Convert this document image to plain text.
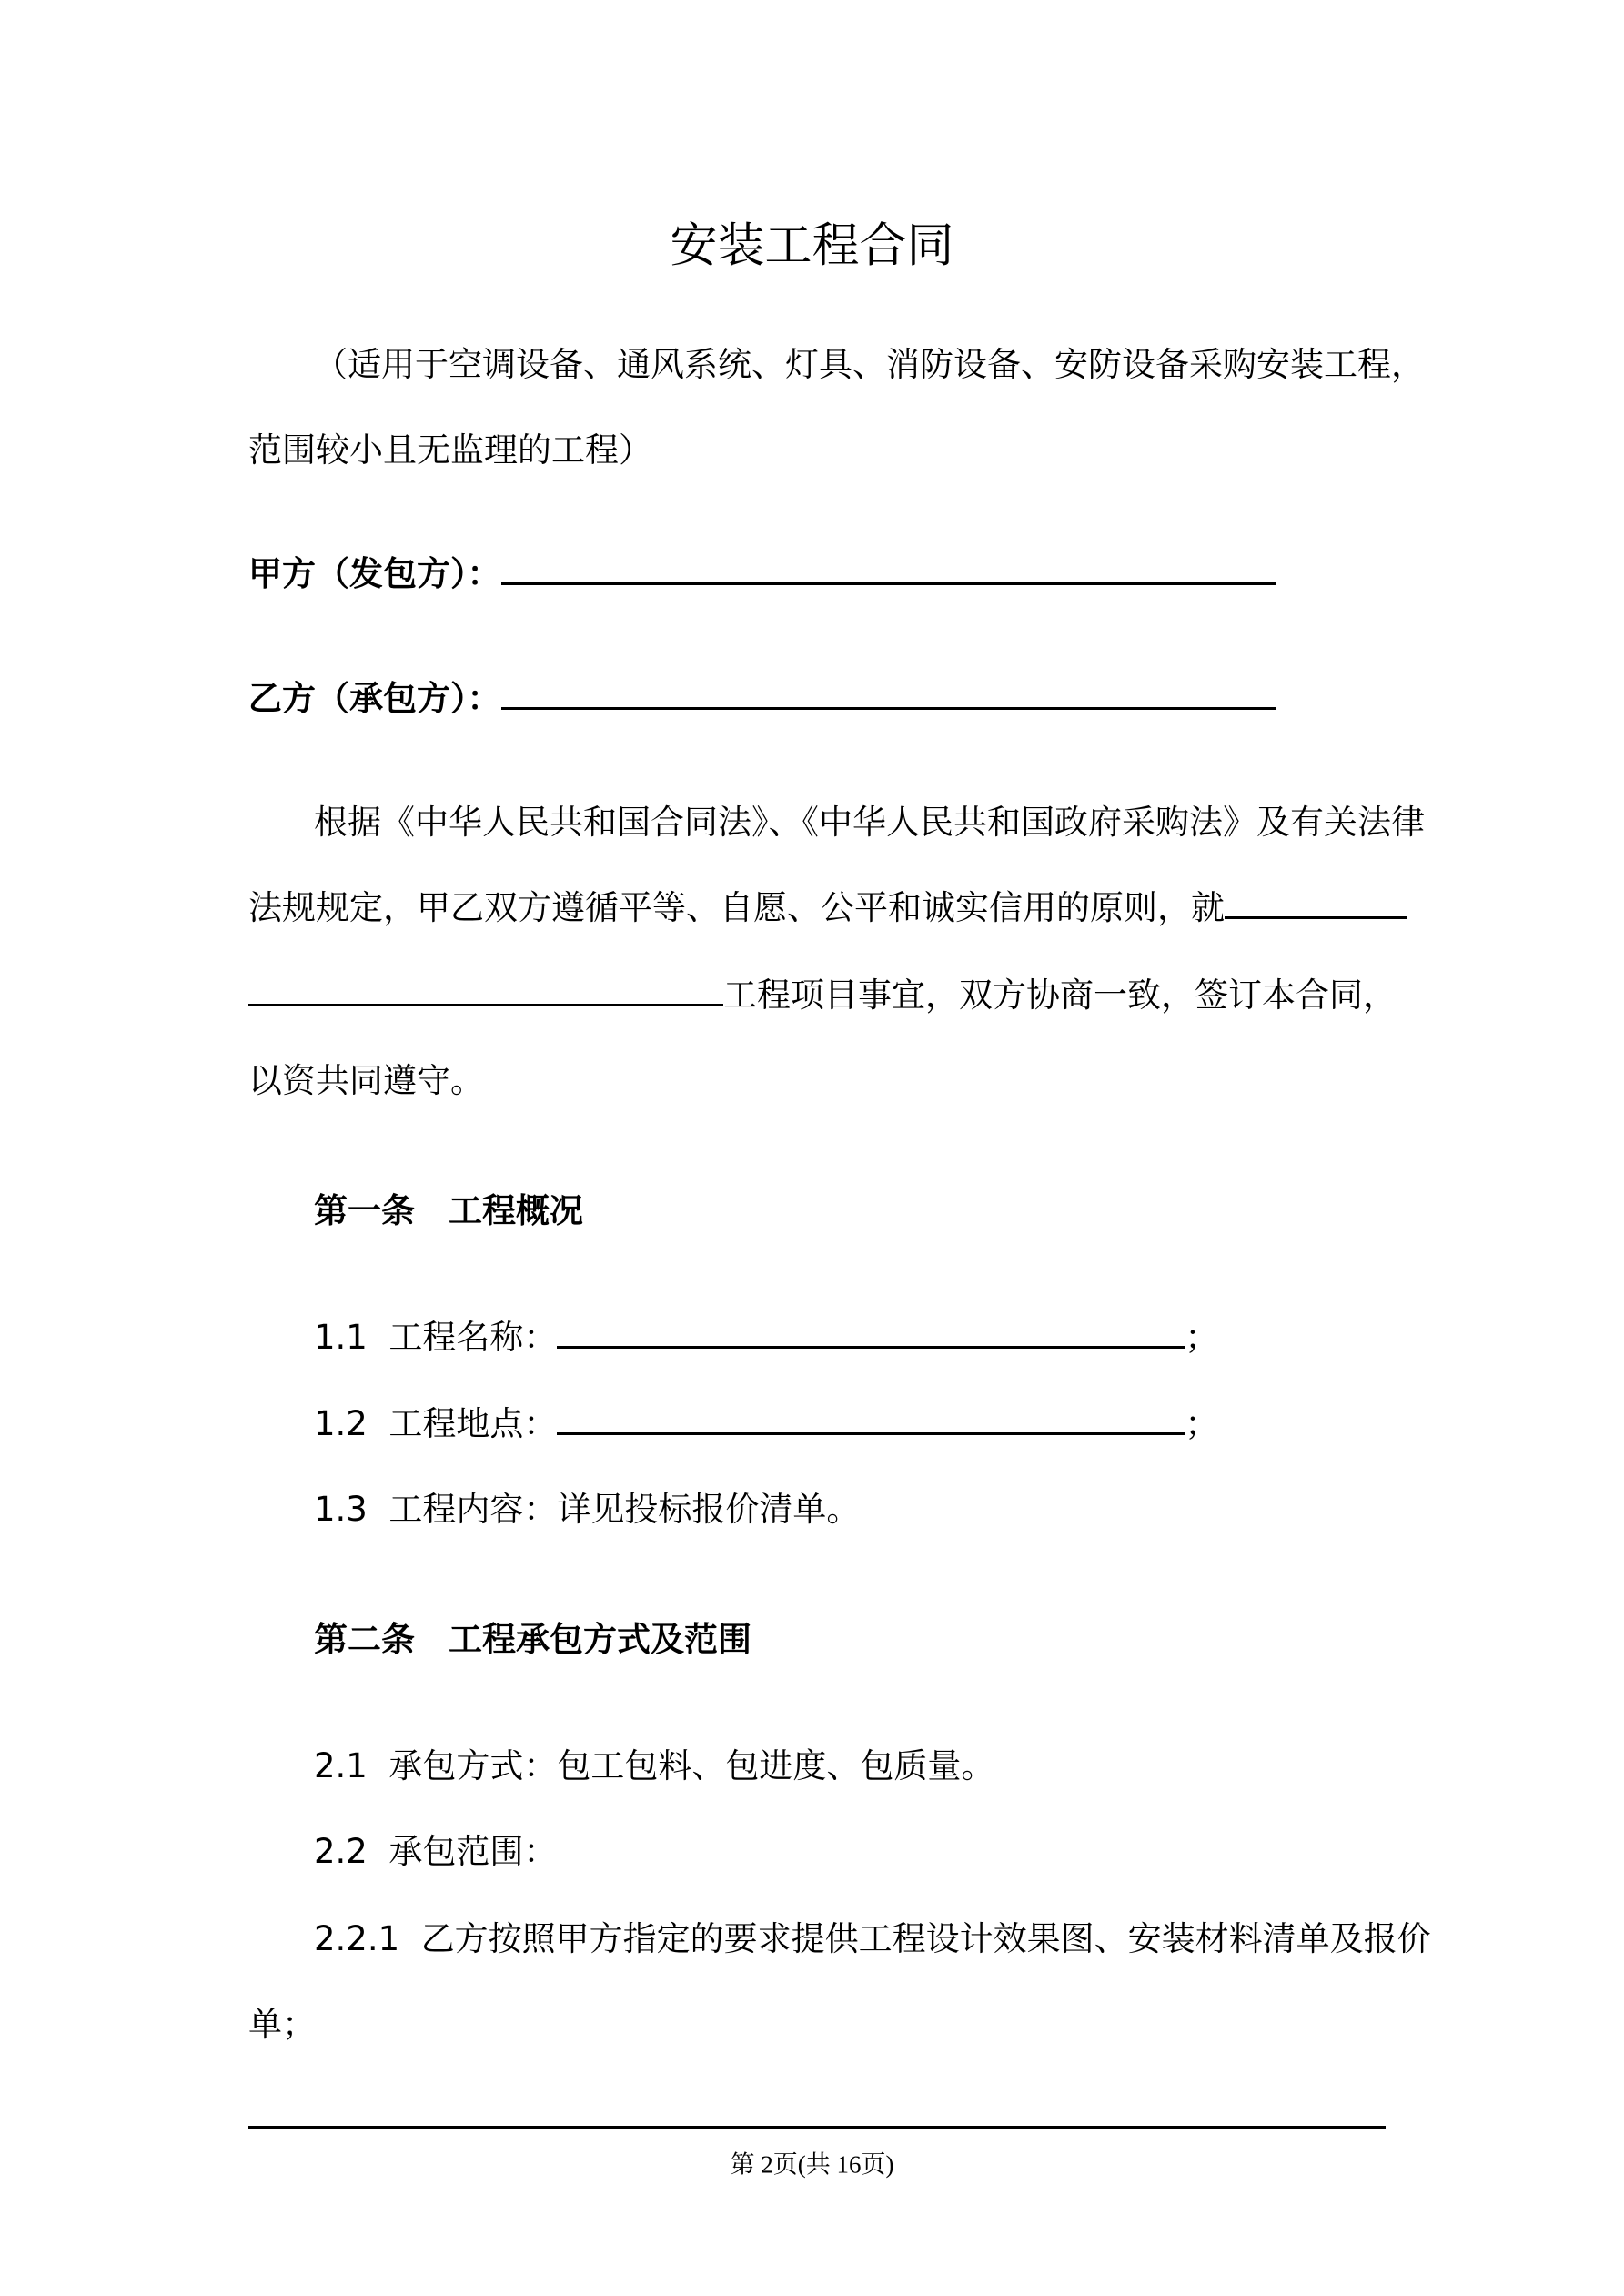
安装工程合同
（适用于空调设备、通风系统、灯具、消防设备、安防设备采购安装工程，
范围较小且无监理的工程）
甲方（发包方）：
乙方（承包方）：
根据《中华人民共和国合同法》、《中华人民共和国政府采购法》及有关法律
法规规定，甲乙双方遵循平等、自愿、公平和诚实信用的原则，就
工程项目事宜，双方协商一致，签订本合同，
以资共同遵守。
第一条　工程概况
1.1 工程名称：	；
1.2 工程地点：	；
1.3 工程内容：详见投标报价清单。
第二条　工程承包方式及范围
2.1 承包方式：包工包料、包进度、包质量。
2.2 承包范围：
2.2.1 乙方按照甲方指定的要求提供工程设计效果图、安装材料清单及报价
单；
第 2页(共 16页)
